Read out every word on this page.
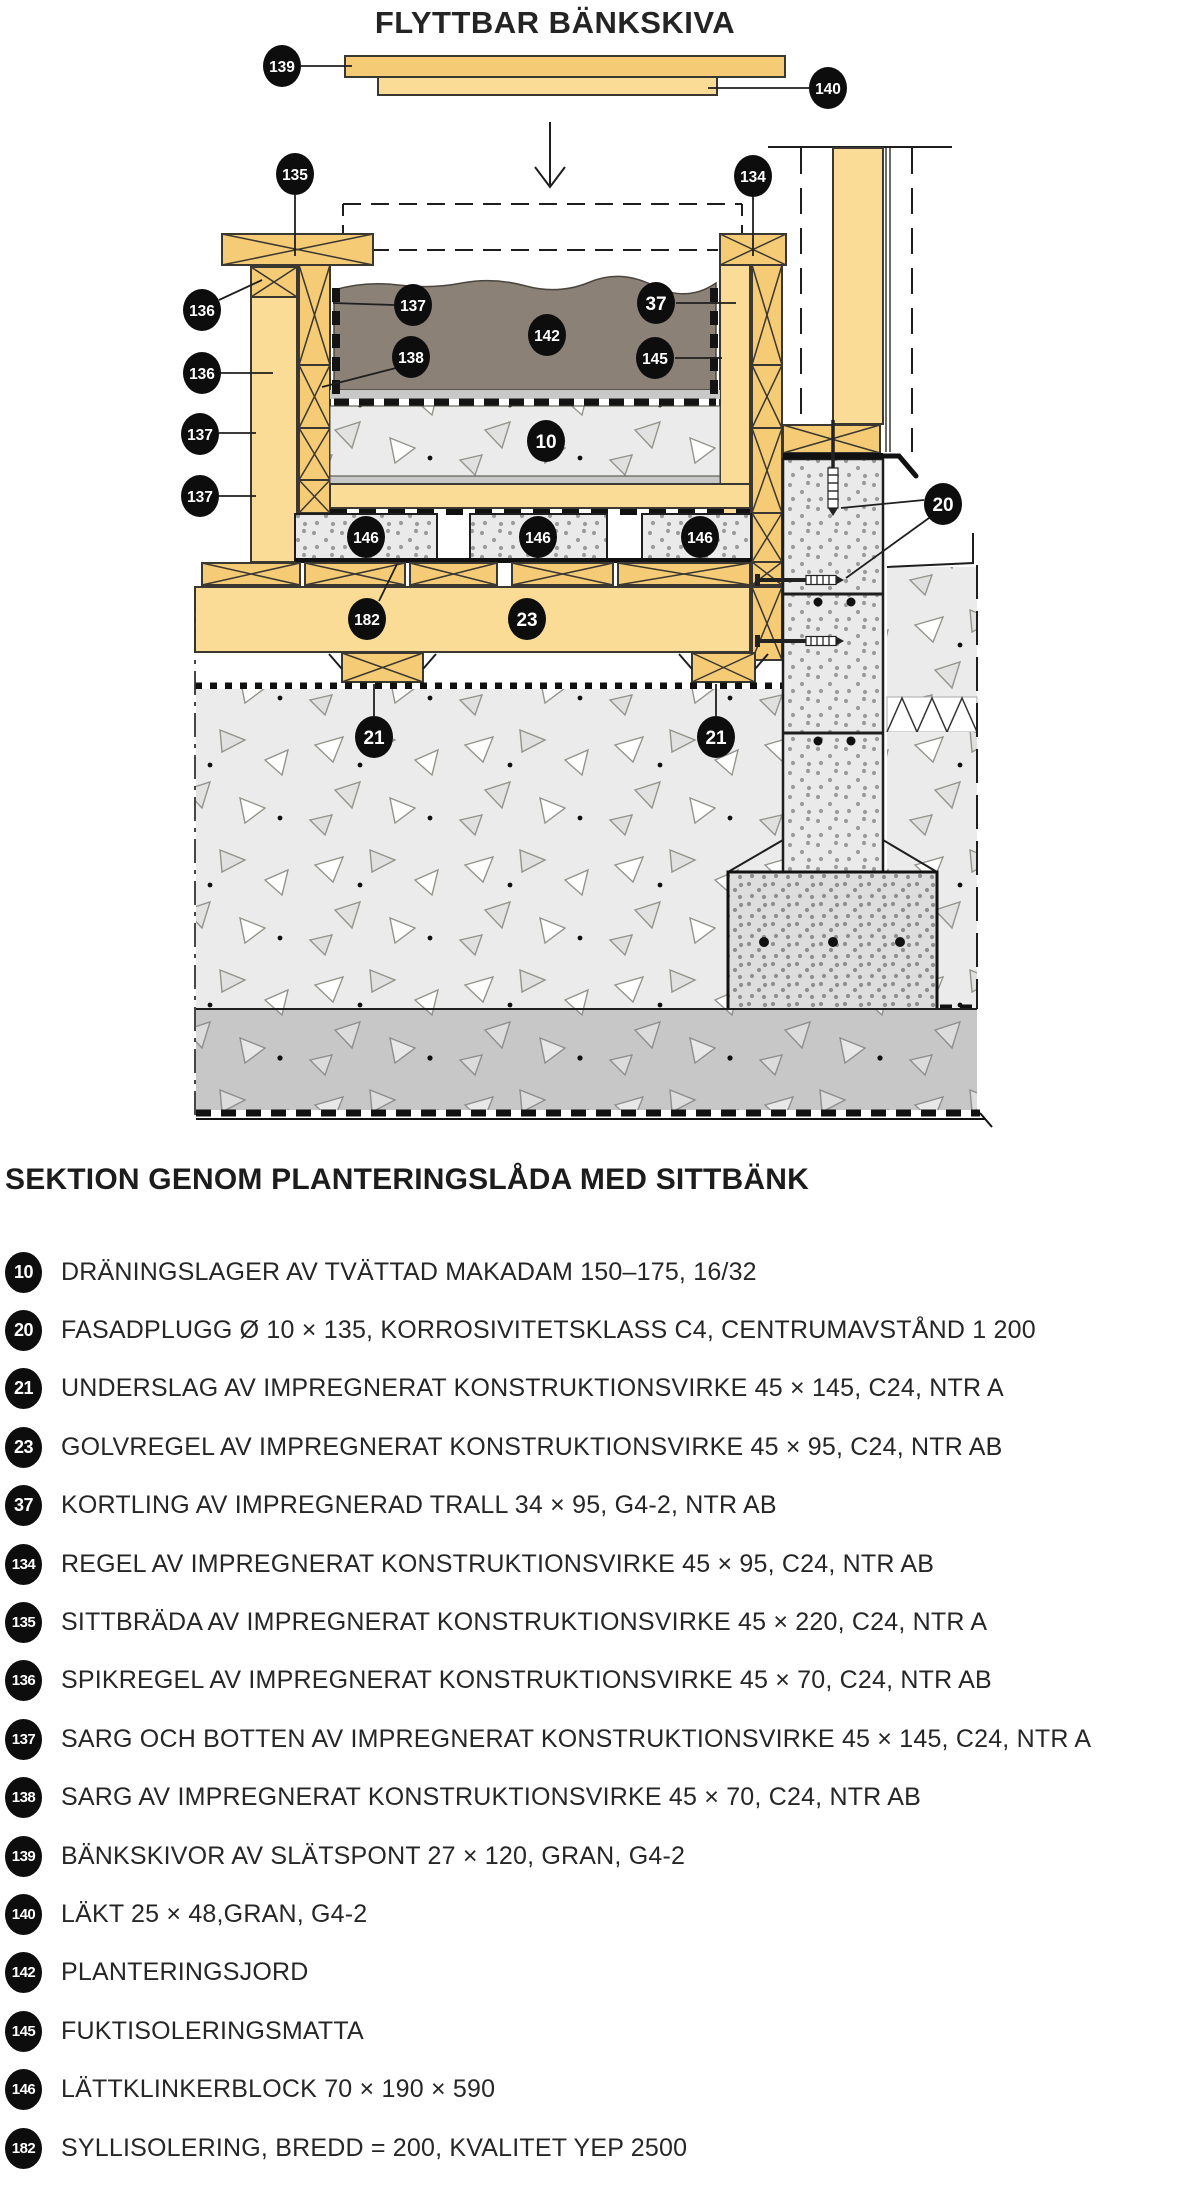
FLYTTBAR BÄNKSKIVA
139
140
135	134
136
136
137
137
137
138
142
37
145
10
20
146	146	146
182	23
21	21
SEKTION GENOM PLANTERINGSLÅDA MED SITTBÄNK
10	DRÄNINGSLAGER AV TVÄTTAD MAKADAM 150–175, 16/32
20	FASADPLUGG Ø 10 × 135, KORROSIVITETSKLASS C4, CENTRUMAVSTÅND 1 200
21	UNDERSLAG AV IMPREGNERAT KONSTRUKTIONSVIRKE 45 × 145, C24, NTR A
23	GOLVREGEL AV IMPREGNERAT KONSTRUKTIONSVIRKE 45 × 95, C24, NTR AB
37	KORTLING AV IMPREGNERAD TRALL 34 × 95, G4-2, NTR AB
134 REGEL AV IMPREGNERAT KONSTRUKTIONSVIRKE 45 × 95, C24, NTR AB
135 SITTBRÄDA AV IMPREGNERAT KONSTRUKTIONSVIRKE 45 × 220, C24, NTR A
136 SPIKREGEL AV IMPREGNERAT KONSTRUKTIONSVIRKE 45 × 70, C24, NTR AB
137 SARG OCH BOTTEN AV IMPREGNERAT KONSTRUKTIONSVIRKE 45 × 145, C24, NTR A
138 SARG AV IMPREGNERAT KONSTRUKTIONSVIRKE 45 × 70, C24, NTR AB
139 BÄNKSKIVOR AV SLÄTSPONT 27 × 120, GRAN, G4-2
140 LÄKT 25 × 48,GRAN, G4-2
142 PLANTERINGSJORD
145 FUKTISOLERINGSMATTA
146 LÄTTKLINKERBLOCK 70 × 190 × 590
182 SYLLISOLERING, BREDD = 200, KVALITET YEP 2500
